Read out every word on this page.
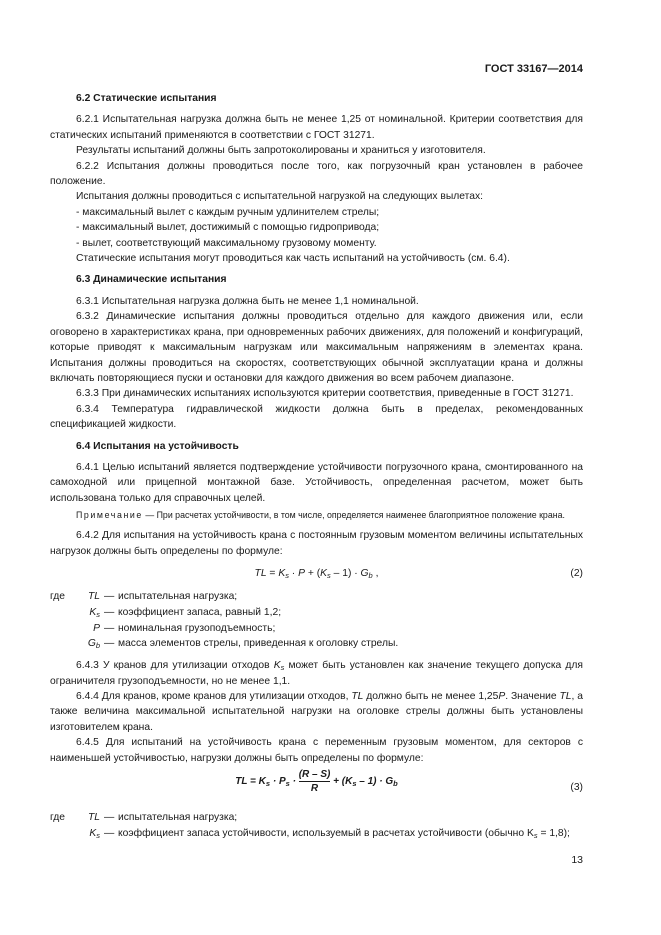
ГОСТ 33167—2014
6.2 Статические испытания

6.2.1 Испытательная нагрузка должна быть не менее 1,25 от номинальной. Критерии соответствия для статических испытаний применяются в соответствии с ГОСТ 31271.

Результаты испытаний должны быть запротоколированы и храниться у изготовителя.

6.2.2 Испытания должны проводиться после того, как погрузочный кран установлен в рабочее положение.

Испытания должны проводиться с испытательной нагрузкой на следующих вылетах:

- максимальный вылет с каждым ручным удлинителем стрелы;

- максимальный вылет, достижимый с помощью гидропривода;

- вылет, соответствующий максимальному грузовому моменту.

Статические испытания могут проводиться как часть испытаний на устойчивость (см. 6.4).

6.3 Динамические испытания

6.3.1 Испытательная нагрузка должна быть не менее 1,1 номинальной.

6.3.2 Динамические испытания должны проводиться отдельно для каждого движения или, если оговорено в характеристиках крана, при одновременных рабочих движениях, для положений и конфигураций, которые приводят к максимальным нагрузкам или максимальным напряжениям в элементах крана. Испытания должны проводиться на скоростях, соответствующих обычной эксплуатации крана и должны включать повторяющиеся пуски и остановки для каждого движения во всем рабочем диапазоне.

6.3.3 При динамических испытаниях используются критерии соответствия, приведенные в ГОСТ 31271.

6.3.4 Температура гидравлической жидкости должна быть в пределах, рекомендованных спецификацией жидкости.

6.4 Испытания на устойчивость

6.4.1 Целью испытаний является подтверждение устойчивости погрузочного крана, смонтированного на самоходной или прицепной монтажной базе. Устойчивость, определенная расчетом, может быть использована только для справочных целей.

Примечание — При расчетах устойчивости, в том числе, определяется наименее благоприятное положение крана.

6.4.2 Для испытания на устойчивость крана с постоянным грузовым моментом величины испытательных нагрузок должны быть определены по формуле:

TL = $K_s \cdot P + (K_s - 1) \cdot G_b$ ,	(2)
где	TL — испытательная нагрузка;
$K_s$ — коэффициент запаса, равный 1,2;
P — номинальная грузоподъемность;
$G_b$ — масса элементов стрелы, приведенная к оголовку стрелы.

6.4.3 У кранов для утилизации отходов $K_s$ может быть установлен как значение текущего допуска для ограничителя грузоподъемности, но не менее 1,1.

6.4.4 Для кранов, кроме кранов для утилизации отходов, TL должно быть не менее 1,25P. Значение TL, а также величина максимальной испытательной нагрузки на оголовке стрелы должны быть установлены изготовителем крана.

6.4.5 Для испытаний на устойчивость крана с переменным грузовым моментом, для секторов с наименьшей устойчивостью, нагрузки должны быть определены по формуле:

TL = $K_s \cdot P_s \cdot \frac{(R - S)}{R} + (K_s - 1) \cdot G_b$	(3)
где	TL — испытательная нагрузка;
$K_s$ — коэффициент запаса устойчивости, используемый в расчетах устойчивости (обычно $K_s = 1,8$);
13
